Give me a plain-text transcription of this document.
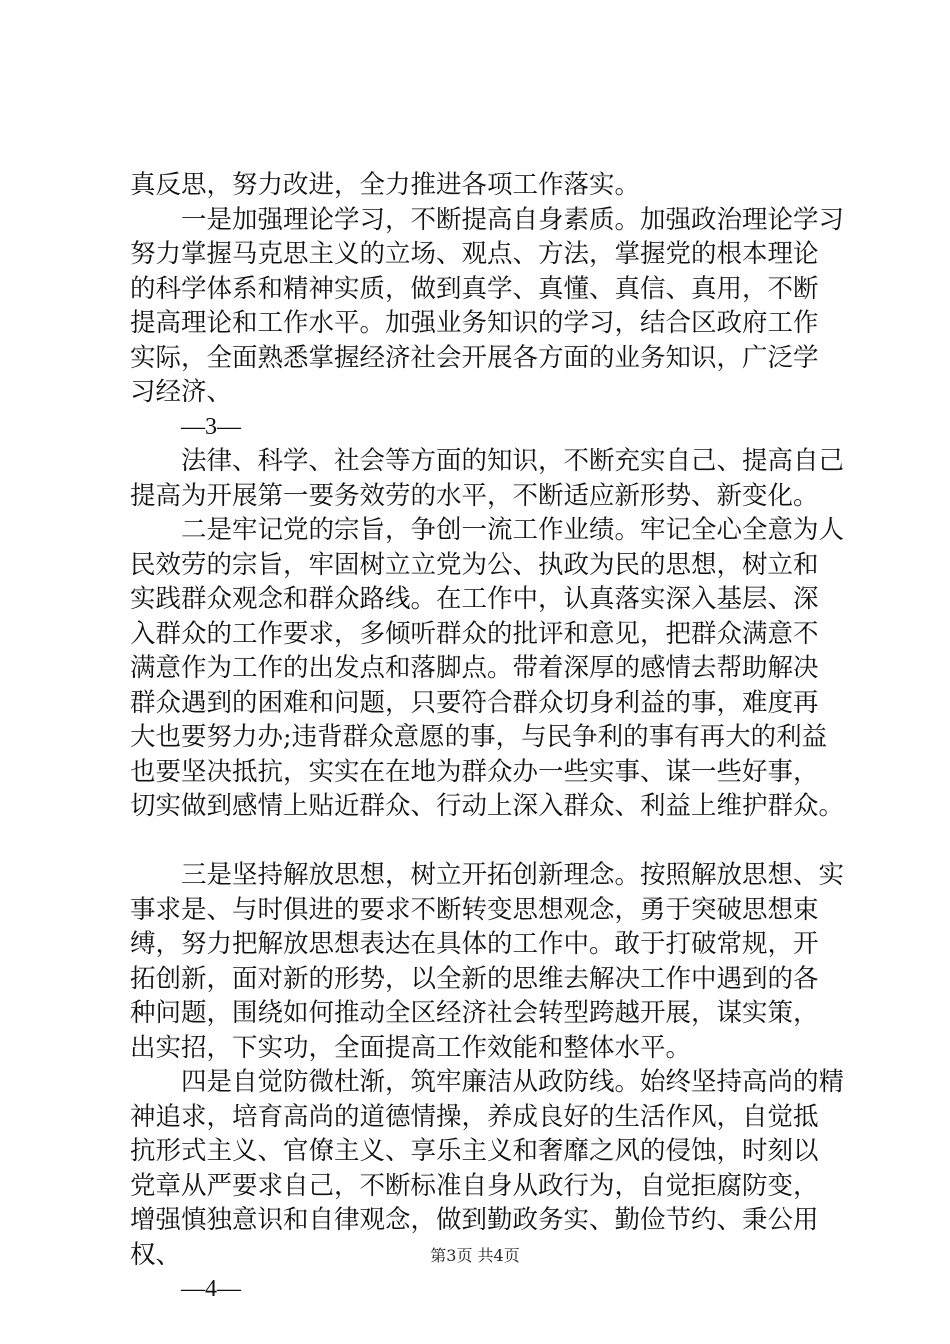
真反思，努力改进，全力推进各项工作落实。
一是加强理论学习，不断提高自身素质。加强政治理论学习
努力掌握马克思主义的立场、观点、方法，掌握党的根本理论
的科学体系和精神实质，做到真学、真懂、真信、真用，不断
提高理论和工作水平。加强业务知识的学习，结合区政府工作
实际，全面熟悉掌握经济社会开展各方面的业务知识，广泛学
习经济、
—3—
法律、科学、社会等方面的知识，不断充实自己、提高自己
提高为开展第一要务效劳的水平，不断适应新形势、新变化。
二是牢记党的宗旨，争创一流工作业绩。牢记全心全意为人
民效劳的宗旨，牢固树立立党为公、执政为民的思想，树立和
实践群众观念和群众路线。在工作中，认真落实深入基层、深
入群众的工作要求，多倾听群众的批评和意见，把群众满意不
满意作为工作的出发点和落脚点。带着深厚的感情去帮助解决
群众遇到的困难和问题，只要符合群众切身利益的事，难度再
大也要努力办;违背群众意愿的事，与民争利的事有再大的利益
也要坚决抵抗，实实在在地为群众办一些实事、谋一些好事，
切实做到感情上贴近群众、行动上深入群众、利益上维护群众。
三是坚持解放思想，树立开拓创新理念。按照解放思想、实
事求是、与时俱进的要求不断转变思想观念，勇于突破思想束
缚，努力把解放思想表达在具体的工作中。敢于打破常规，开
拓创新，面对新的形势，以全新的思维去解决工作中遇到的各
种问题，围绕如何推动全区经济社会转型跨越开展，谋实策，
出实招，下实功，全面提高工作效能和整体水平。
四是自觉防微杜渐，筑牢廉洁从政防线。始终坚持高尚的精
神追求，培育高尚的道德情操，养成良好的生活作风，自觉抵
抗形式主义、官僚主义、享乐主义和奢靡之风的侵蚀，时刻以
党章从严要求自己，不断标准自身从政行为，自觉拒腐防变，
增强慎独意识和自律观念，做到勤政务实、勤俭节约、秉公用
权、
—4—
第3页 共4页
